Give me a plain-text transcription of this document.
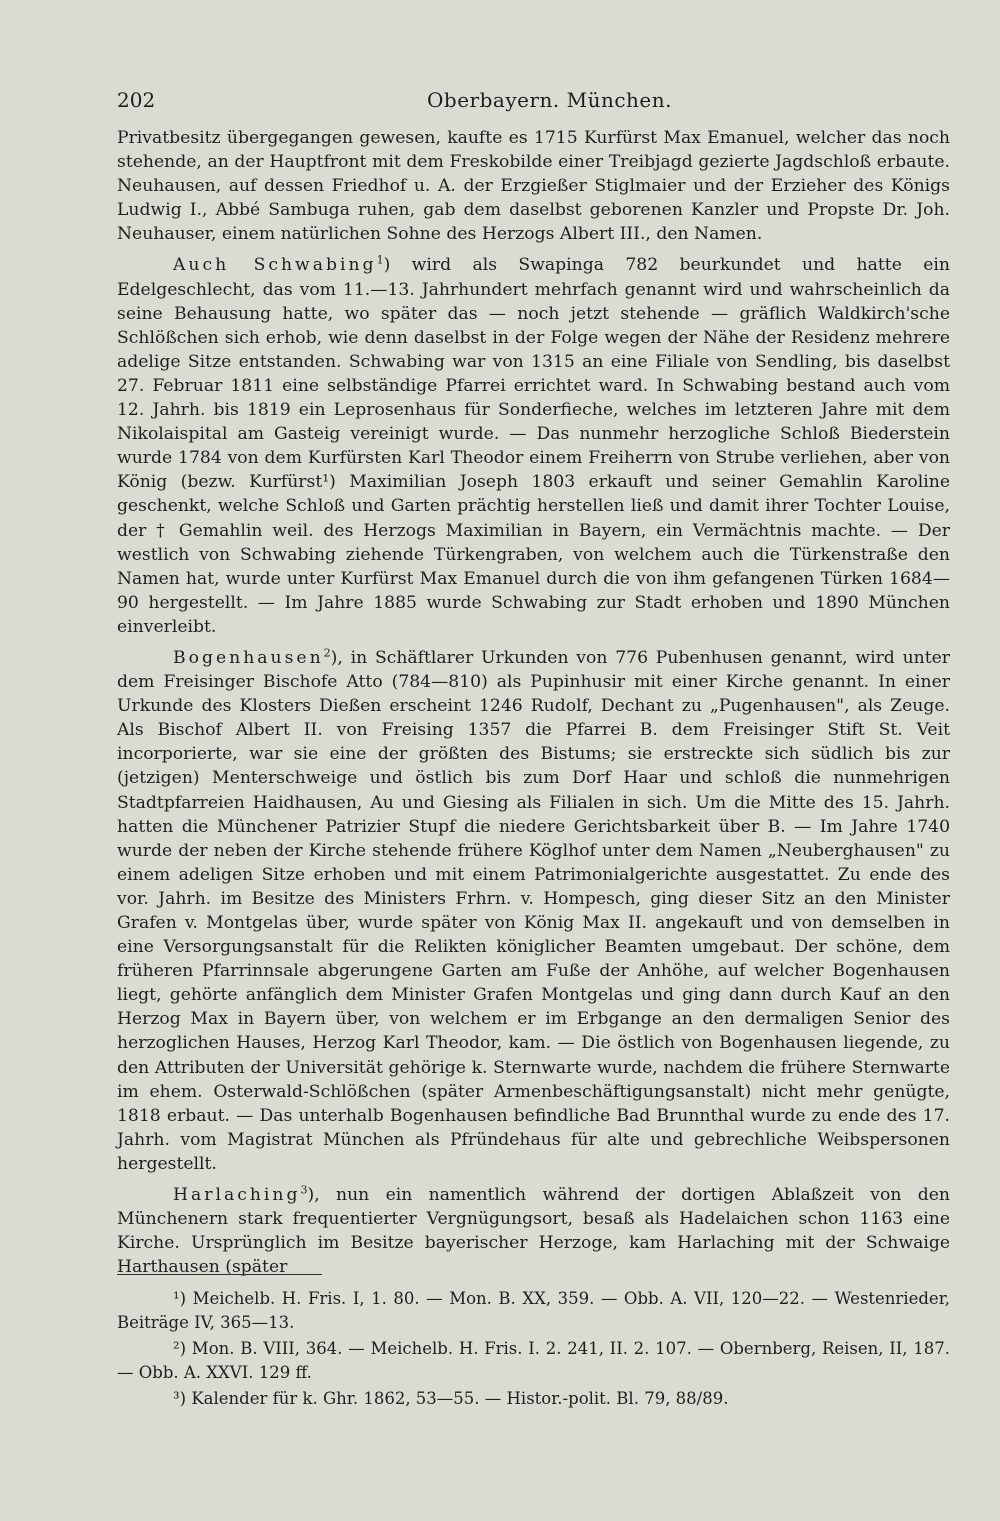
202	Oberbayern. München.

Privatbesitz übergegangen gewesen, kaufte es 1715 Kurfürst Max Emanuel, welcher das noch stehende, an der Hauptfront mit dem Freskobilde einer Treibjagd gezierte Jagdschloß erbaute. Neuhausen, auf dessen Friedhof u. A. der Erzgießer Stiglmaier und der Erzieher des Königs Ludwig I., Abbé Sambuga ruhen, gab dem daselbst geborenen Kanzler und Propste Dr. Joh. Neuhauser, einem natürlichen Sohne des Herzogs Albert III., den Namen.

Auch Schwabing$^1$) wird als Swapinga 782 beurkundet und hatte ein Edelgeschlecht, das vom 11.—13. Jahrhundert mehrfach genannt wird und wahrscheinlich da seine Behausung hatte, wo später das — noch jetzt stehende — gräflich Waldkirch'sche Schlößchen sich erhob, wie denn daselbst in der Folge wegen der Nähe der Residenz mehrere adelige Sitze entstanden. Schwabing war von 1315 an eine Filiale von Sendling, bis daselbst 27. Februar 1811 eine selbständige Pfarrei errichtet ward. In Schwabing bestand auch vom 12. Jahrh. bis 1819 ein Leprosenhaus für Sonderfieche, welches im letzteren Jahre mit dem Nikolaispital am Gasteig vereinigt wurde. — Das nunmehr herzogliche Schloß Biederstein wurde 1784 von dem Kurfürsten Karl Theodor einem Freiherrn von Strube verliehen, aber von König (bezw. Kurfürst¹) Maximilian Joseph 1803 erkauft und seiner Gemahlin Karoline geschenkt, welche Schloß und Garten prächtig herstellen ließ und damit ihrer Tochter Louise, der † Gemahlin weil. des Herzogs Maximilian in Bayern, ein Vermächtnis machte. — Der westlich von Schwabing ziehende Türkengraben, von welchem auch die Türkenstraße den Namen hat, wurde unter Kurfürst Max Emanuel durch die von ihm gefangenen Türken 1684—90 hergestellt. — Im Jahre 1885 wurde Schwabing zur Stadt erhoben und 1890 München einverleibt.

Bogenhausen$^2$), in Schäftlarer Urkunden von 776 Pubenhusen genannt, wird unter dem Freisinger Bischofe Atto (784—810) als Pupinhusir mit einer Kirche genannt. In einer Urkunde des Klosters Dießen erscheint 1246 Rudolf, Dechant zu „Pugenhausen", als Zeuge. Als Bischof Albert II. von Freising 1357 die Pfarrei B. dem Freisinger Stift St. Veit incorporierte, war sie eine der größten des Bistums; sie erstreckte sich südlich bis zur (jetzigen) Menterschweige und östlich bis zum Dorf Haar und schloß die nunmehrigen Stadtpfarreien Haidhausen, Au und Giesing als Filialen in sich. Um die Mitte des 15. Jahrh. hatten die Münchener Patrizier Stupf die niedere Gerichtsbarkeit über B. — Im Jahre 1740 wurde der neben der Kirche stehende frühere Köglhof unter dem Namen „Neuberghausen" zu einem adeligen Sitze erhoben und mit einem Patrimonialgerichte ausgestattet. Zu ende des vor. Jahrh. im Besitze des Ministers Frhrn. v. Hompesch, ging dieser Sitz an den Minister Grafen v. Montgelas über, wurde später von König Max II. angekauft und von demselben in eine Versorgungsanstalt für die Relikten königlicher Beamten umgebaut. Der schöne, dem früheren Pfarrinnsale abgerungene Garten am Fuße der Anhöhe, auf welcher Bogenhausen liegt, gehörte anfänglich dem Minister Grafen Montgelas und ging dann durch Kauf an den Herzog Max in Bayern über, von welchem er im Erbgange an den dermaligen Senior des herzoglichen Hauses, Herzog Karl Theodor, kam. — Die östlich von Bogenhausen liegende, zu den Attributen der Universität gehörige k. Sternwarte wurde, nachdem die frühere Sternwarte im ehem. Osterwald-Schlößchen (später Armenbeschäftigungsanstalt) nicht mehr genügte, 1818 erbaut. — Das unterhalb Bogenhausen befindliche Bad Brunnthal wurde zu ende des 17. Jahrh. vom Magistrat München als Pfründehaus für alte und gebrechliche Weibspersonen hergestellt.

Harlaching$^3$), nun ein namentlich während der dortigen Ablaßzeit von den Münchenern stark frequentierter Vergnügungsort, besaß als Hadelaichen schon 1163 eine Kirche. Ursprünglich im Besitze bayerischer Herzoge, kam Harlaching mit der Schwaige Harthausen (später

¹) Meichelb. H. Fris. I, 1. 80. — Mon. B. XX, 359. — Obb. A. VII, 120—22. — Westenrieder, Beiträge IV, 365—13.

²) Mon. B. VIII, 364. — Meichelb. H. Fris. I. 2. 241, II. 2. 107. — Obernberg, Reisen, II, 187. — Obb. A. XXVI. 129 ff.

³) Kalender für k. Ghr. 1862, 53—55. — Histor.-polit. Bl. 79, 88/89.
